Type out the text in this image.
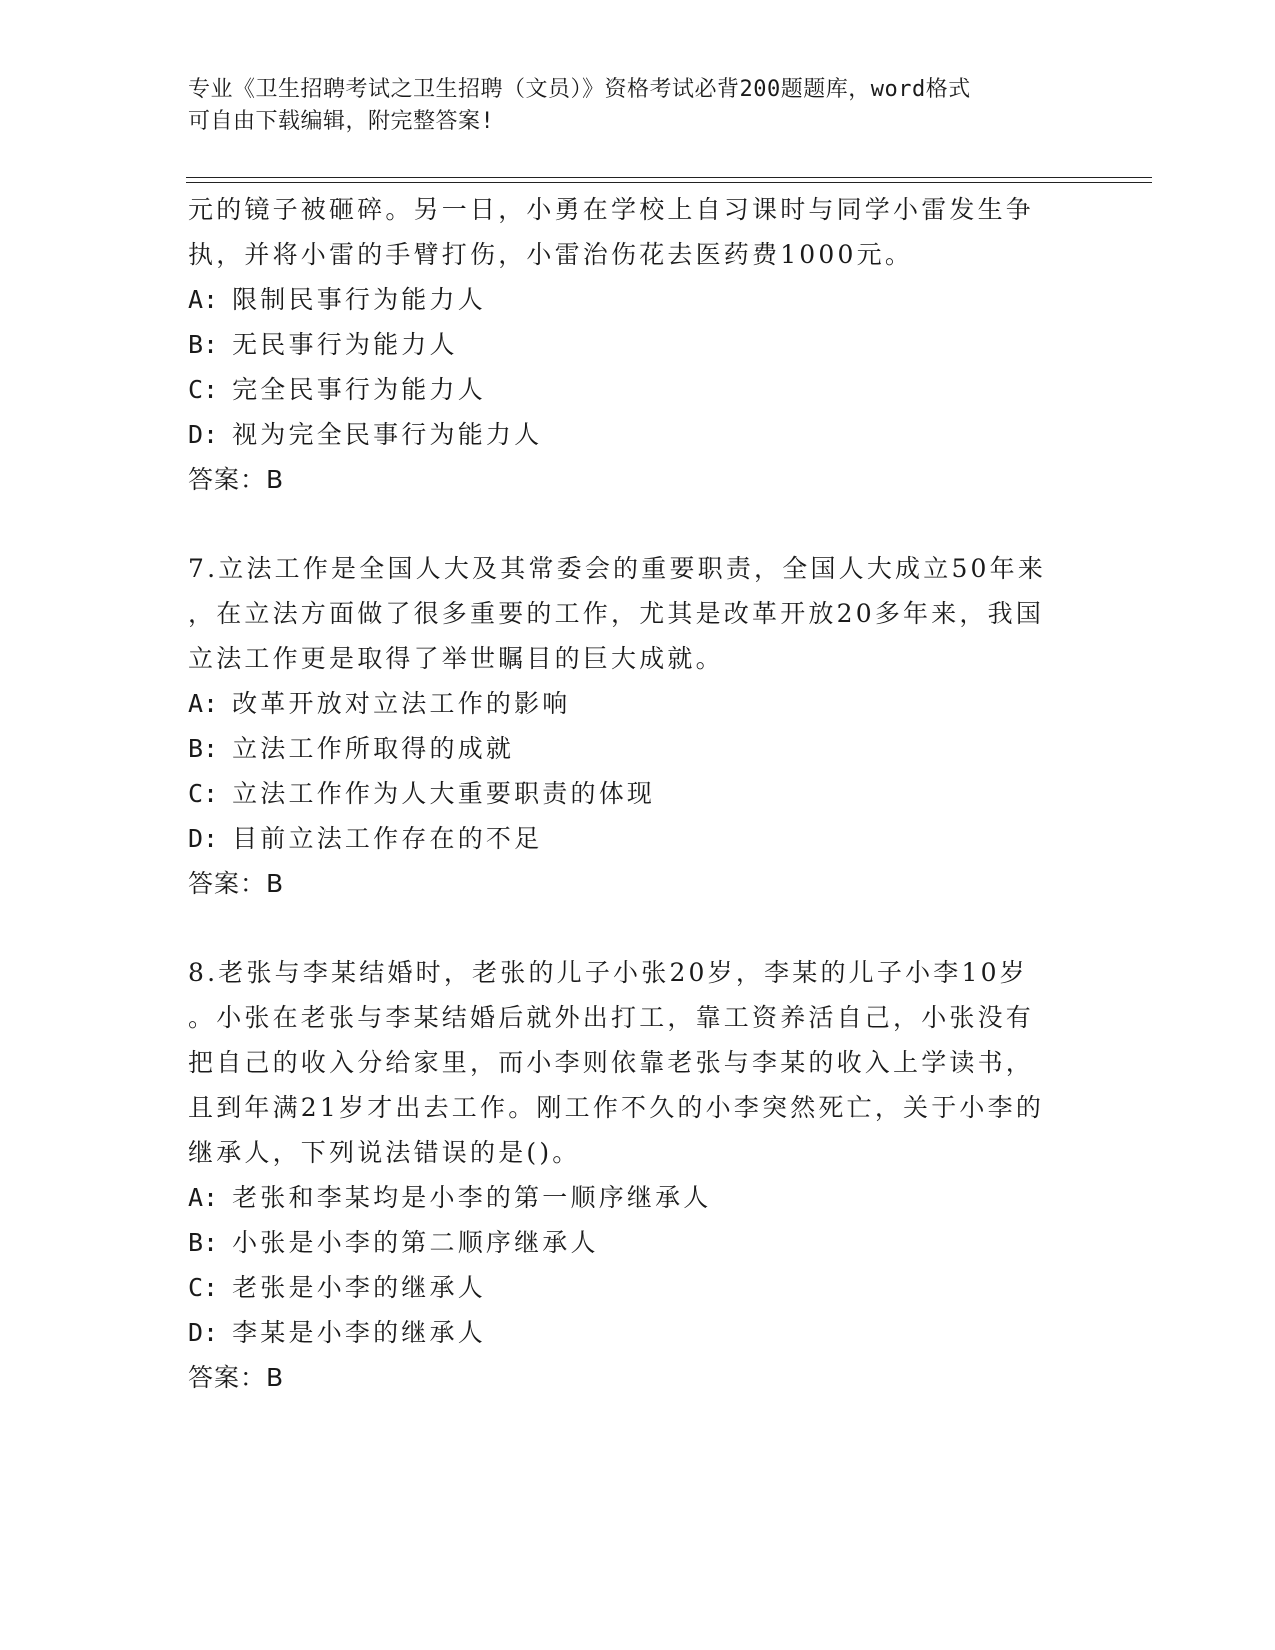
专业《卫生招聘考试之卫生招聘（文员）》资格考试必背200题题库，word格式
可自由下载编辑，附完整答案!
元的镜子被砸碎。另一日，小勇在学校上自习课时与同学小雷发生争
执，并将小雷的手臂打伤，小雷治伤花去医药费1000元。
A: 限制民事行为能力人
B: 无民事行为能力人
C: 完全民事行为能力人
D: 视为完全民事行为能力人
答案：B
7.立法工作是全国人大及其常委会的重要职责，全国人大成立50年来
，在立法方面做了很多重要的工作，尤其是改革开放20多年来，我国
立法工作更是取得了举世瞩目的巨大成就。
A: 改革开放对立法工作的影响
B: 立法工作所取得的成就
C: 立法工作作为人大重要职责的体现
D: 目前立法工作存在的不足
答案：B
8.老张与李某结婚时，老张的儿子小张20岁，李某的儿子小李10岁
。小张在老张与李某结婚后就外出打工，靠工资养活自己，小张没有
把自己的收入分给家里，而小李则依靠老张与李某的收入上学读书，
且到年满21岁才出去工作。刚工作不久的小李突然死亡，关于小李的
继承人，下列说法错误的是()。
A: 老张和李某均是小李的第一顺序继承人
B: 小张是小李的第二顺序继承人
C: 老张是小李的继承人
D: 李某是小李的继承人
答案：B
